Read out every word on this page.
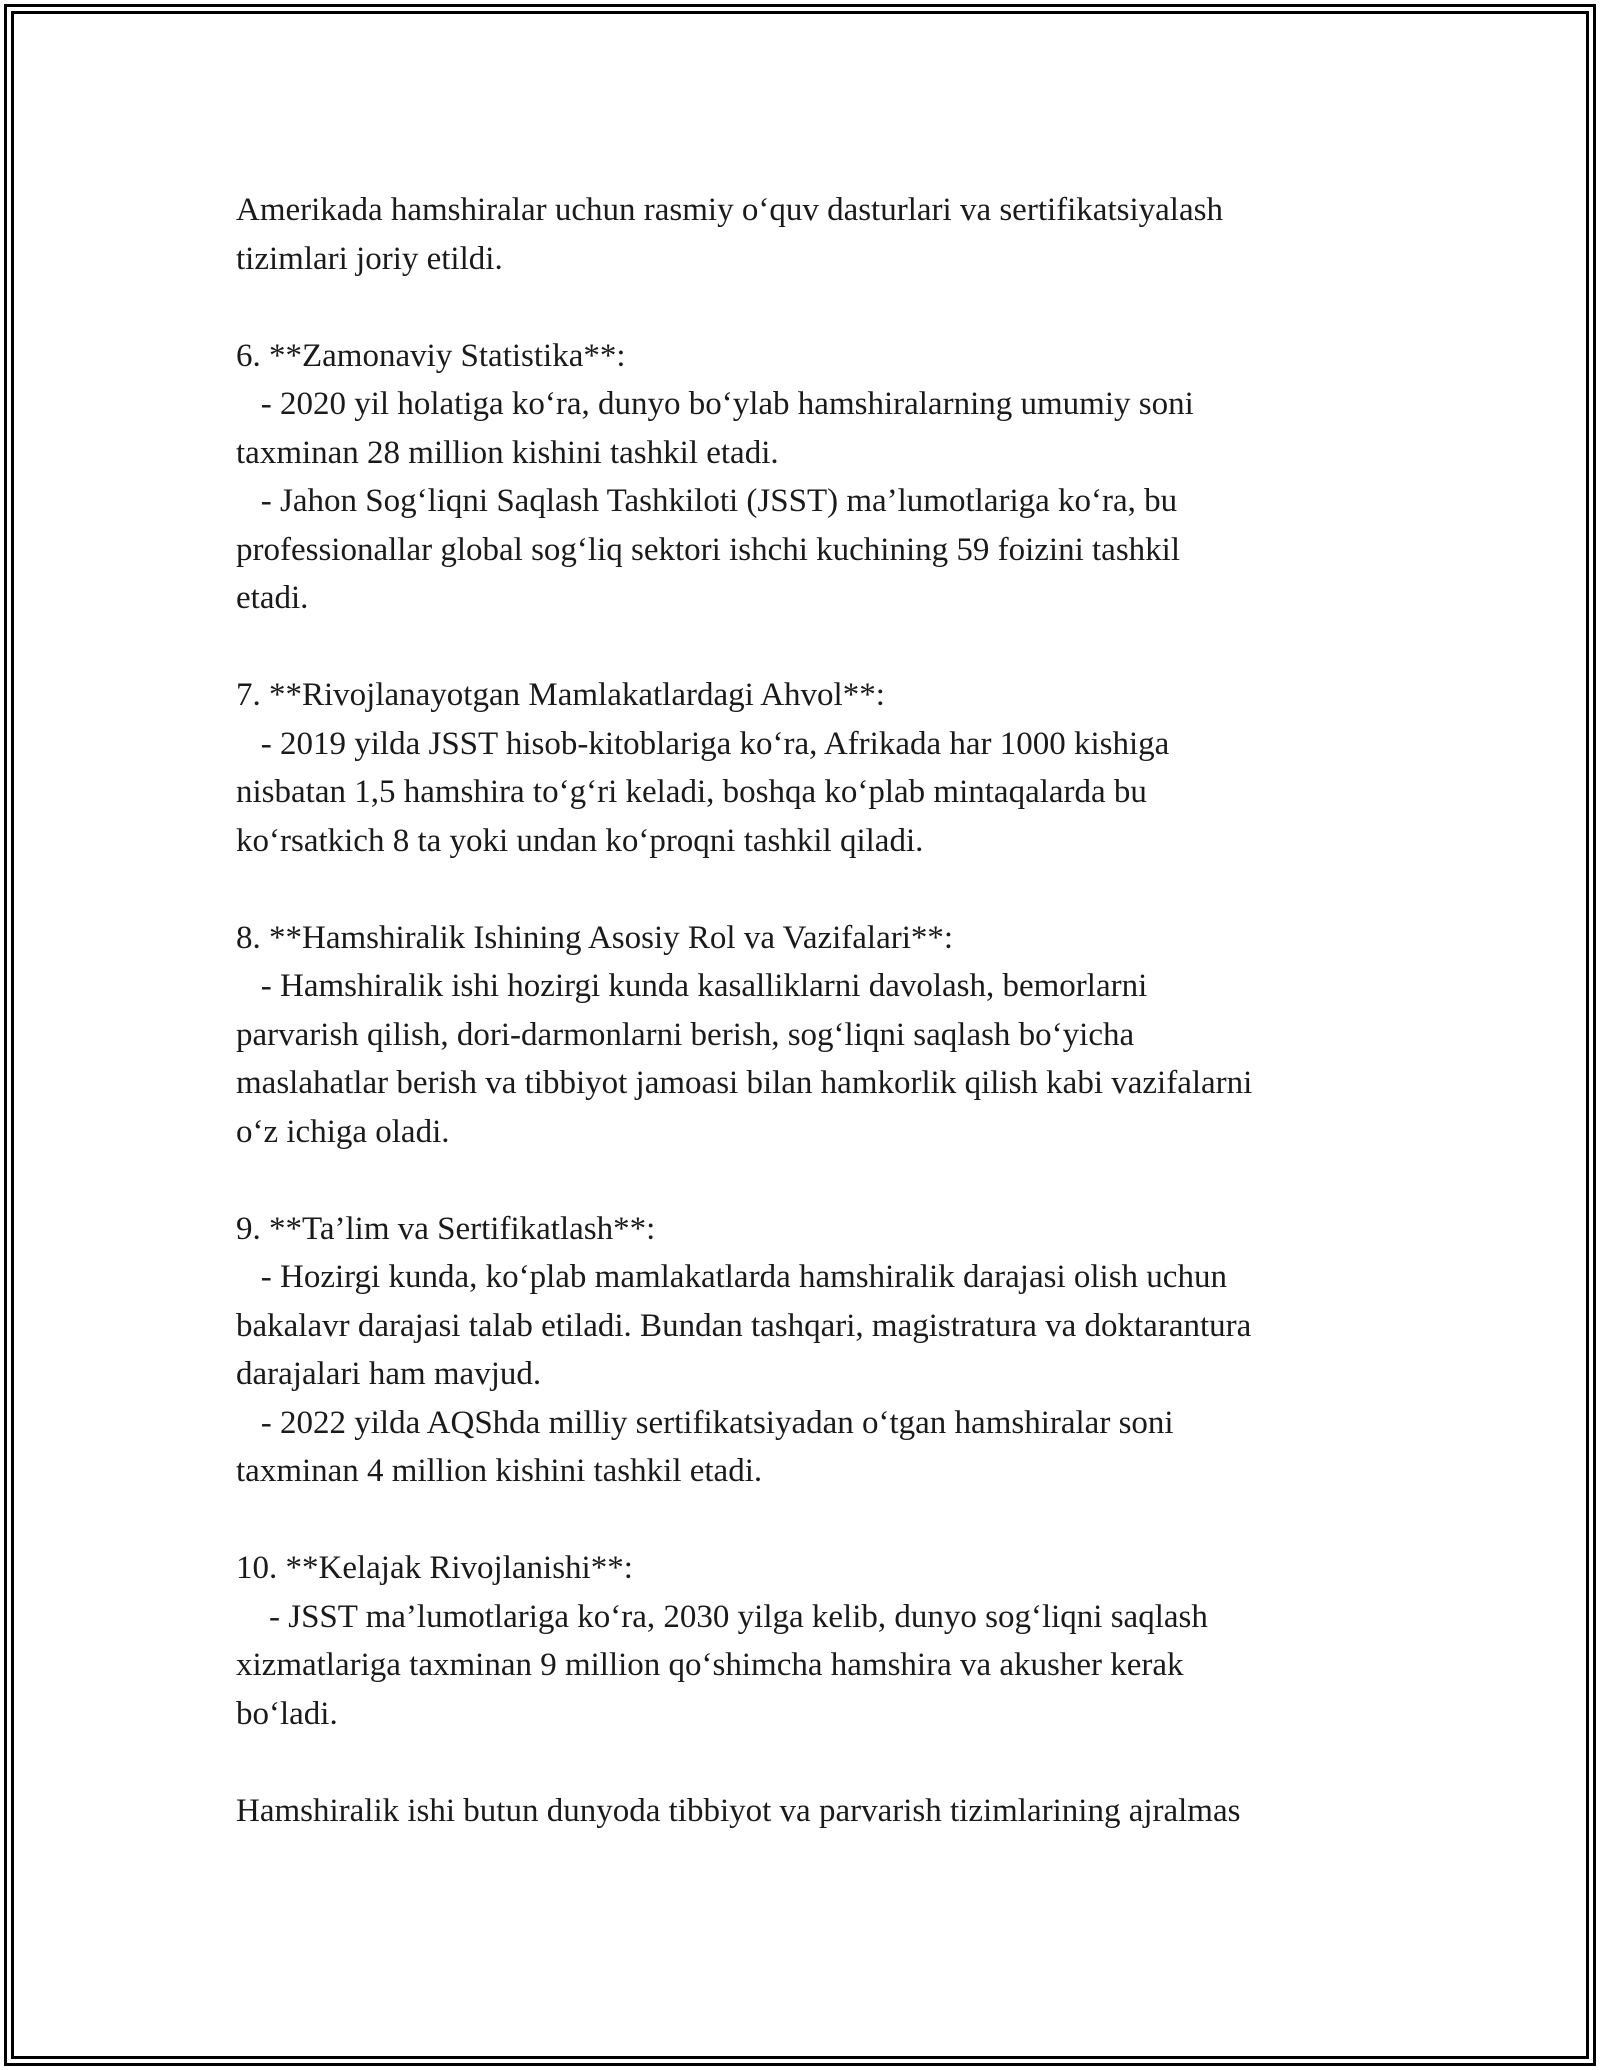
Amerikada hamshiralar uchun rasmiy o‘quv dasturlari va sertifikatsiyalash
tizimlari joriy etildi.
6. **Zamonaviy Statistika**:
- 2020 yil holatiga ko‘ra, dunyo bo‘ylab hamshiralarning umumiy soni
taxminan 28 million kishini tashkil etadi.
- Jahon Sog‘liqni Saqlash Tashkiloti (JSST) ma’lumotlariga ko‘ra, bu
professionallar global sog‘liq sektori ishchi kuchining 59 foizini tashkil
etadi.
7. **Rivojlanayotgan Mamlakatlardagi Ahvol**:
- 2019 yilda JSST hisob-kitoblariga ko‘ra, Afrikada har 1000 kishiga
nisbatan 1,5 hamshira to‘g‘ri keladi, boshqa ko‘plab mintaqalarda bu
ko‘rsatkich 8 ta yoki undan ko‘proqni tashkil qiladi.
8. **Hamshiralik Ishining Asosiy Rol va Vazifalari**:
- Hamshiralik ishi hozirgi kunda kasalliklarni davolash, bemorlarni
parvarish qilish, dori-darmonlarni berish, sog‘liqni saqlash bo‘yicha
maslahatlar berish va tibbiyot jamoasi bilan hamkorlik qilish kabi vazifalarni
o‘z ichiga oladi.
9. **Ta’lim va Sertifikatlash**:
- Hozirgi kunda, ko‘plab mamlakatlarda hamshiralik darajasi olish uchun
bakalavr darajasi talab etiladi. Bundan tashqari, magistratura va doktarantura
darajalari ham mavjud.
- 2022 yilda AQShda milliy sertifikatsiyadan o‘tgan hamshiralar soni
taxminan 4 million kishini tashkil etadi.
10. **Kelajak Rivojlanishi**:
- JSST ma’lumotlariga ko‘ra, 2030 yilga kelib, dunyo sog‘liqni saqlash
xizmatlariga taxminan 9 million qo‘shimcha hamshira va akusher kerak
bo‘ladi.
Hamshiralik ishi butun dunyoda tibbiyot va parvarish tizimlarining ajralmas
